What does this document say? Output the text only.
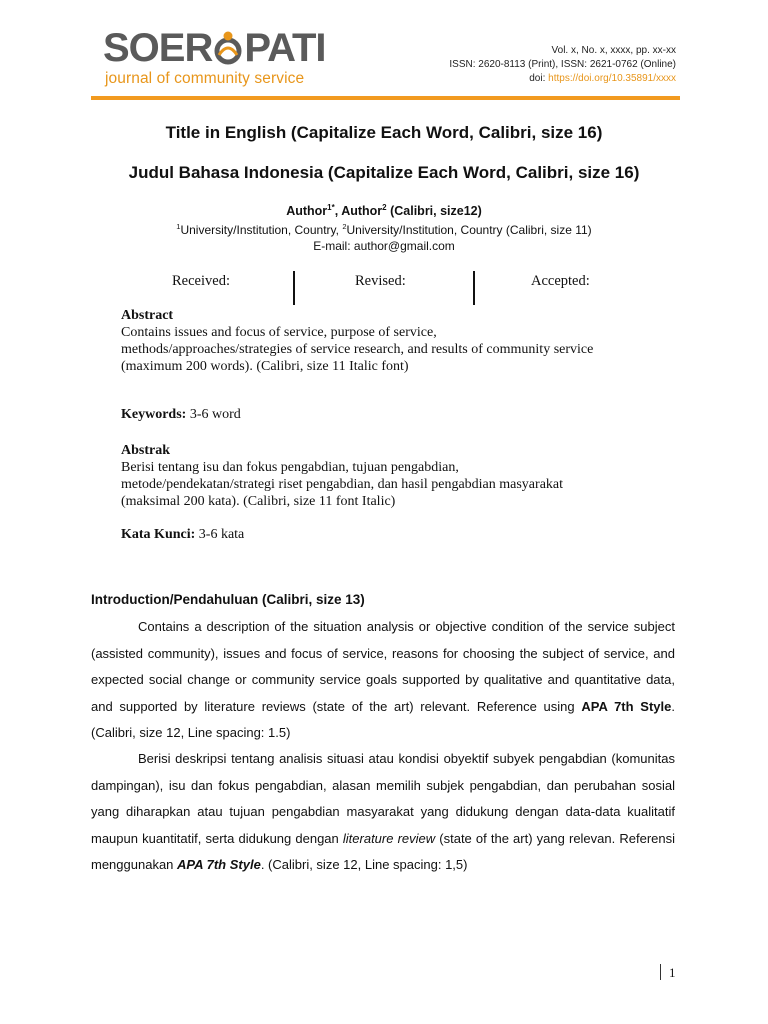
SOER PATI
journal of community service
Vol. x, No. x, xxxx, pp. xx-xx
ISSN: 2620-8113 (Print), ISSN: 2621-0762 (Online)
doi: https://doi.org/10.35891/xxxx
Title in English (Capitalize Each Word, Calibri, size 16)
Judul Bahasa Indonesia (Capitalize Each Word, Calibri, size 16)
Author$^{1*}$, Author$^2$ (Calibri, size12)
$^1$University/Institution, Country, $^2$University/Institution, Country (Calibri, size 11)
E-mail: author@gmail.com
Received:	Revised:	Accepted:
Abstract
Contains issues and focus of service, purpose of service,
methods/approaches/strategies of service research, and results of community service
(maximum 200 words). (Calibri, size 11 Italic font)
Keywords: 3-6 word
Abstrak
Berisi tentang isu dan fokus pengabdian, tujuan pengabdian,
metode/pendekatan/strategi riset pengabdian, dan hasil pengabdian masyarakat
(maksimal 200 kata). (Calibri, size 11 font Italic)
Kata Kunci: 3-6 kata
Introduction/Pendahuluan (Calibri, size 13)
Contains a description of the situation analysis or objective condition of the service subject (assisted community), issues and focus of service, reasons for choosing the subject of service, and expected social change or community service goals supported by qualitative and quantitative data, and supported by literature reviews (state of the art) relevant. Reference using APA 7th Style. (Calibri, size 12, Line spacing: 1.5)
Berisi deskripsi tentang analisis situasi atau kondisi obyektif subyek pengabdian (komunitas dampingan), isu dan fokus pengabdian, alasan memilih subjek pengabdian, dan perubahan sosial yang diharapkan atau tujuan pengabdian masyarakat yang didukung dengan data-data kualitatif maupun kuantitatif, serta didukung dengan literature review (state of the art) yang relevan. Referensi menggunakan APA 7th Style. (Calibri, size 12, Line spacing: 1,5)
1
